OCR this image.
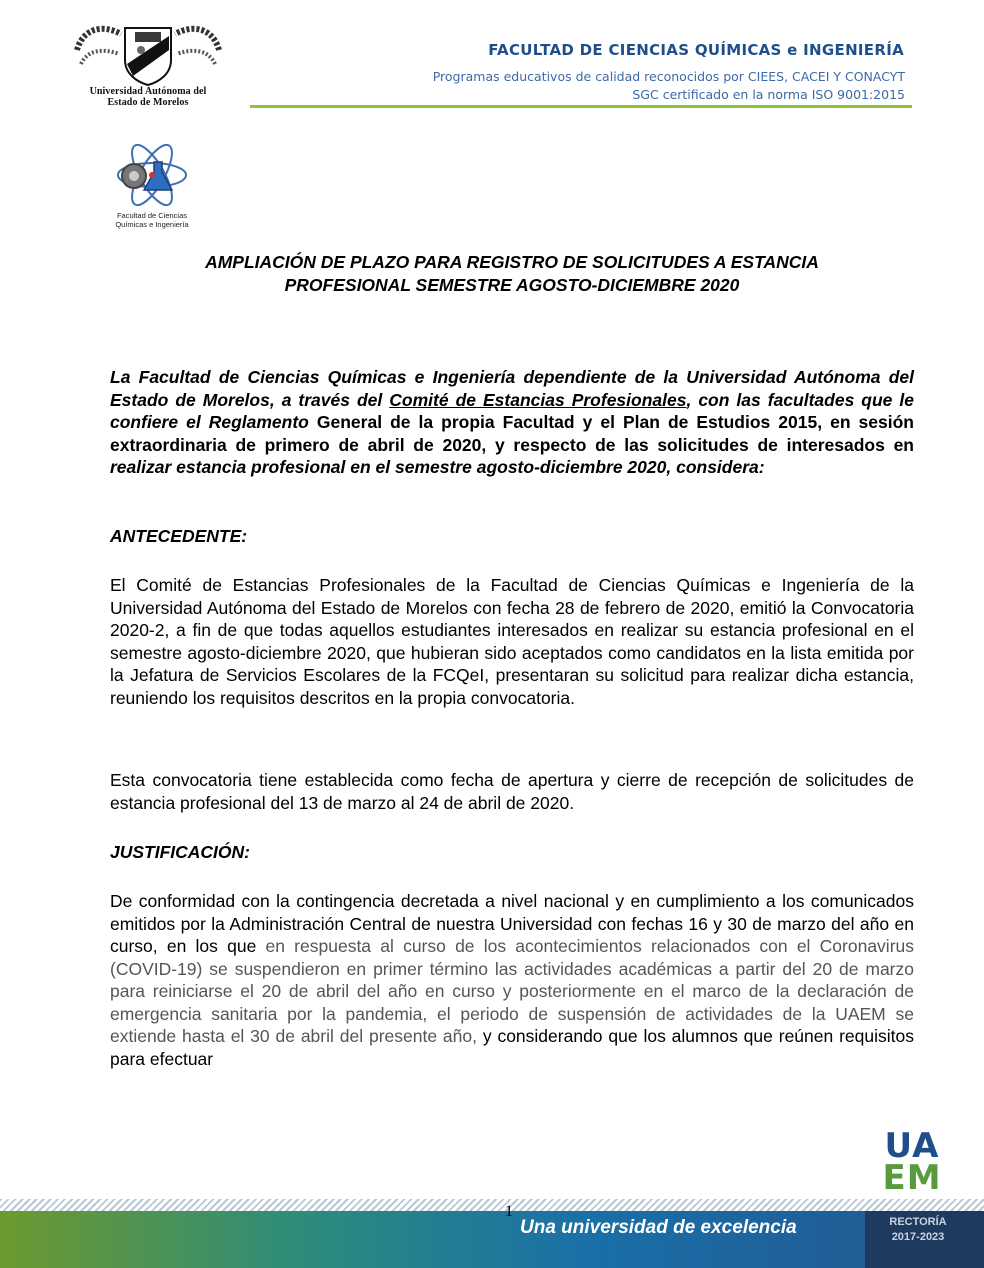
Universidad Autónoma del
Estado de Morelos
FACULTAD DE CIENCIAS QUÍMICAS e INGENIERÍA
Programas educativos de calidad reconocidos por CIEES, CACEI Y CONACYT
SGC certificado en la norma ISO 9001:2015
Facultad de Ciencias
Químicas e Ingeniería
AMPLIACIÓN DE PLAZO PARA REGISTRO DE SOLICITUDES A ESTANCIA
PROFESIONAL SEMESTRE AGOSTO-DICIEMBRE 2020
La Facultad de Ciencias Químicas e Ingeniería dependiente de la Universidad Autónoma del Estado de Morelos, a través del Comité de Estancias Profesionales, con las facultades que le confiere el Reglamento General de la propia Facultad y el Plan de Estudios 2015, en sesión extraordinaria de primero de abril de 2020, y respecto de las solicitudes de interesados en realizar estancia profesional en el semestre agosto-diciembre 2020, considera:
ANTECEDENTE:
El Comité de Estancias Profesionales de la Facultad de Ciencias Químicas e Ingeniería de la Universidad Autónoma del Estado de Morelos con fecha 28 de febrero de 2020, emitió la Convocatoria 2020-2, a fin de que todas aquellos estudiantes interesados en realizar su estancia profesional en el semestre agosto-diciembre 2020, que hubieran sido aceptados como candidatos en la lista emitida por la Jefatura de Servicios Escolares de la FCQeI, presentaran su solicitud para realizar dicha estancia, reuniendo los requisitos descritos en la propia convocatoria.
Esta convocatoria tiene establecida como fecha de apertura y cierre de recepción de solicitudes de estancia profesional del 13 de marzo al 24 de abril de 2020.
JUSTIFICACIÓN:
De conformidad con la contingencia decretada a nivel nacional y en cumplimiento a los comunicados emitidos por la Administración Central de nuestra Universidad con fechas 16 y 30 de marzo del año en curso, en los que en respuesta al curso de los acontecimientos relacionados con el Coronavirus (COVID-19) se suspendieron en primer término las actividades académicas a partir del 20 de marzo para reiniciarse el 20 de abril del año en curso y posteriormente en el marco de la declaración de emergencia sanitaria por la pandemia, el periodo de suspensión de actividades de la UAEM se extiende hasta el 30 de abril del presente año, y considerando que los alumnos que reúnen requisitos para efectuar
UA
EM
Una universidad de excelencia	RECTORÍA
2017-2023
1
